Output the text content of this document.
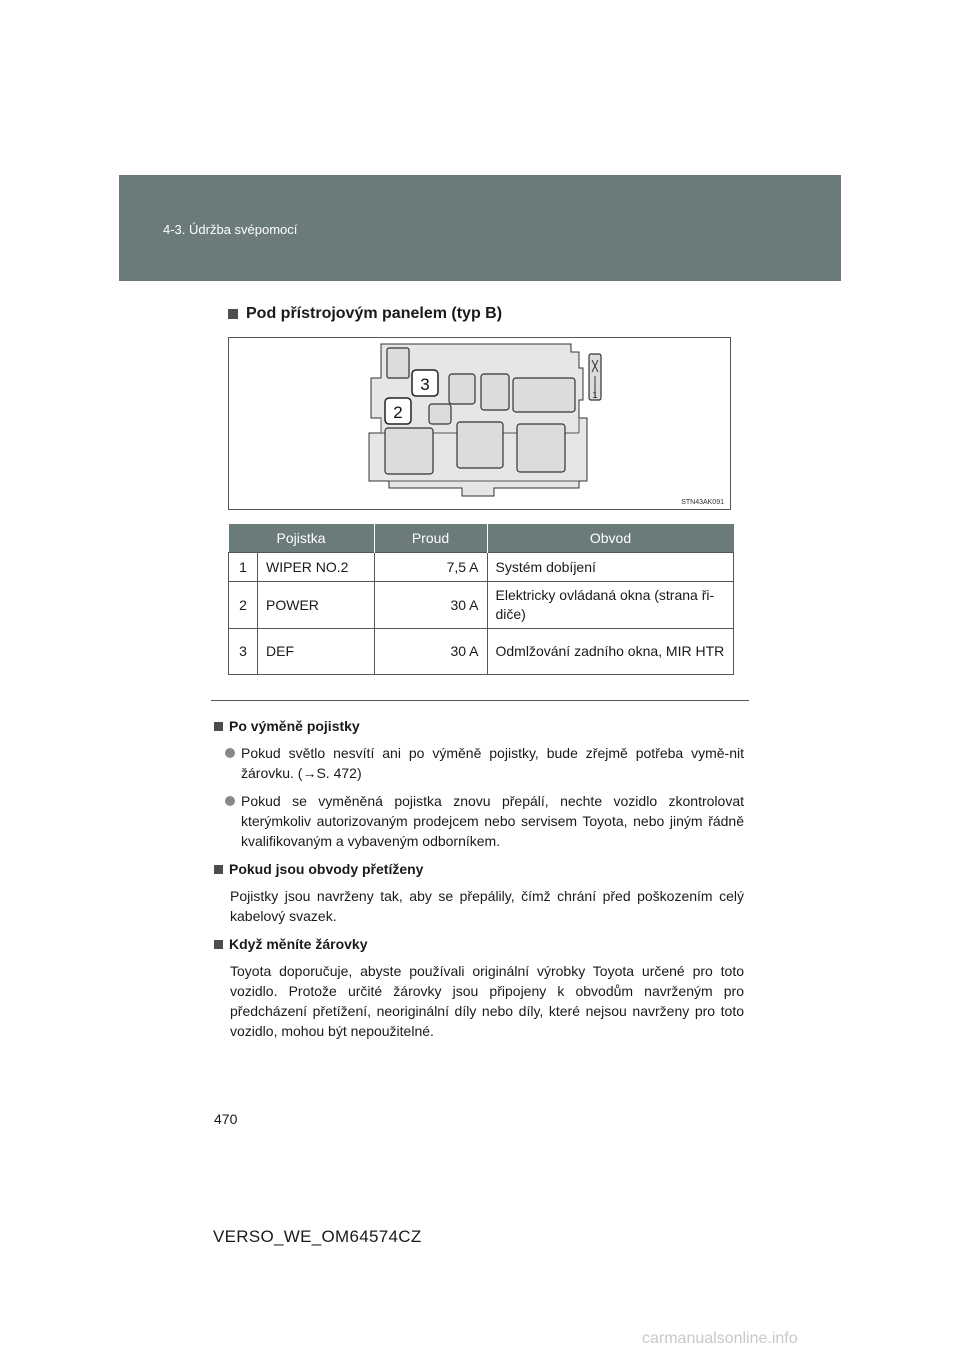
4-3. Údržba svépomocí
Pod přístrojovým panelem (typ B)
3
2
1
STN43AK091
Pojistka		Proud	Obvod
1	WIPER NO.2	7,5 A	Systém dobíjení
2	POWER	30 A	Elektricky ovládaná okna (strana ři-diče)
3	DEF	30 A	Odmlžování zadního okna, MIR HTR
Po výměně pojistky
Pokud světlo nesvítí ani po výměně pojistky, bude zřejmě potřeba vymě-nit žárovku. (→S. 472)
Pokud se vyměněná pojistka znovu přepálí, nechte vozidlo zkontrolovat kterýmkoliv autorizovaným prodejcem nebo servisem Toyota, nebo jiným řádně kvalifikovaným a vybaveným odborníkem.
Pokud jsou obvody přetíženy
Pojistky jsou navrženy tak, aby se přepálily, čímž chrání před poškozením celý kabelový svazek.
Když měníte žárovky
Toyota doporučuje, abyste používali originální výrobky Toyota určené pro toto vozidlo. Protože určité žárovky jsou připojeny k obvodům navrženým pro předcházení přetížení, neoriginální díly nebo díly, které nejsou navrženy pro toto vozidlo, mohou být nepoužitelné.
470
VERSO_WE_OM64574CZ
carmanualsonline.info
